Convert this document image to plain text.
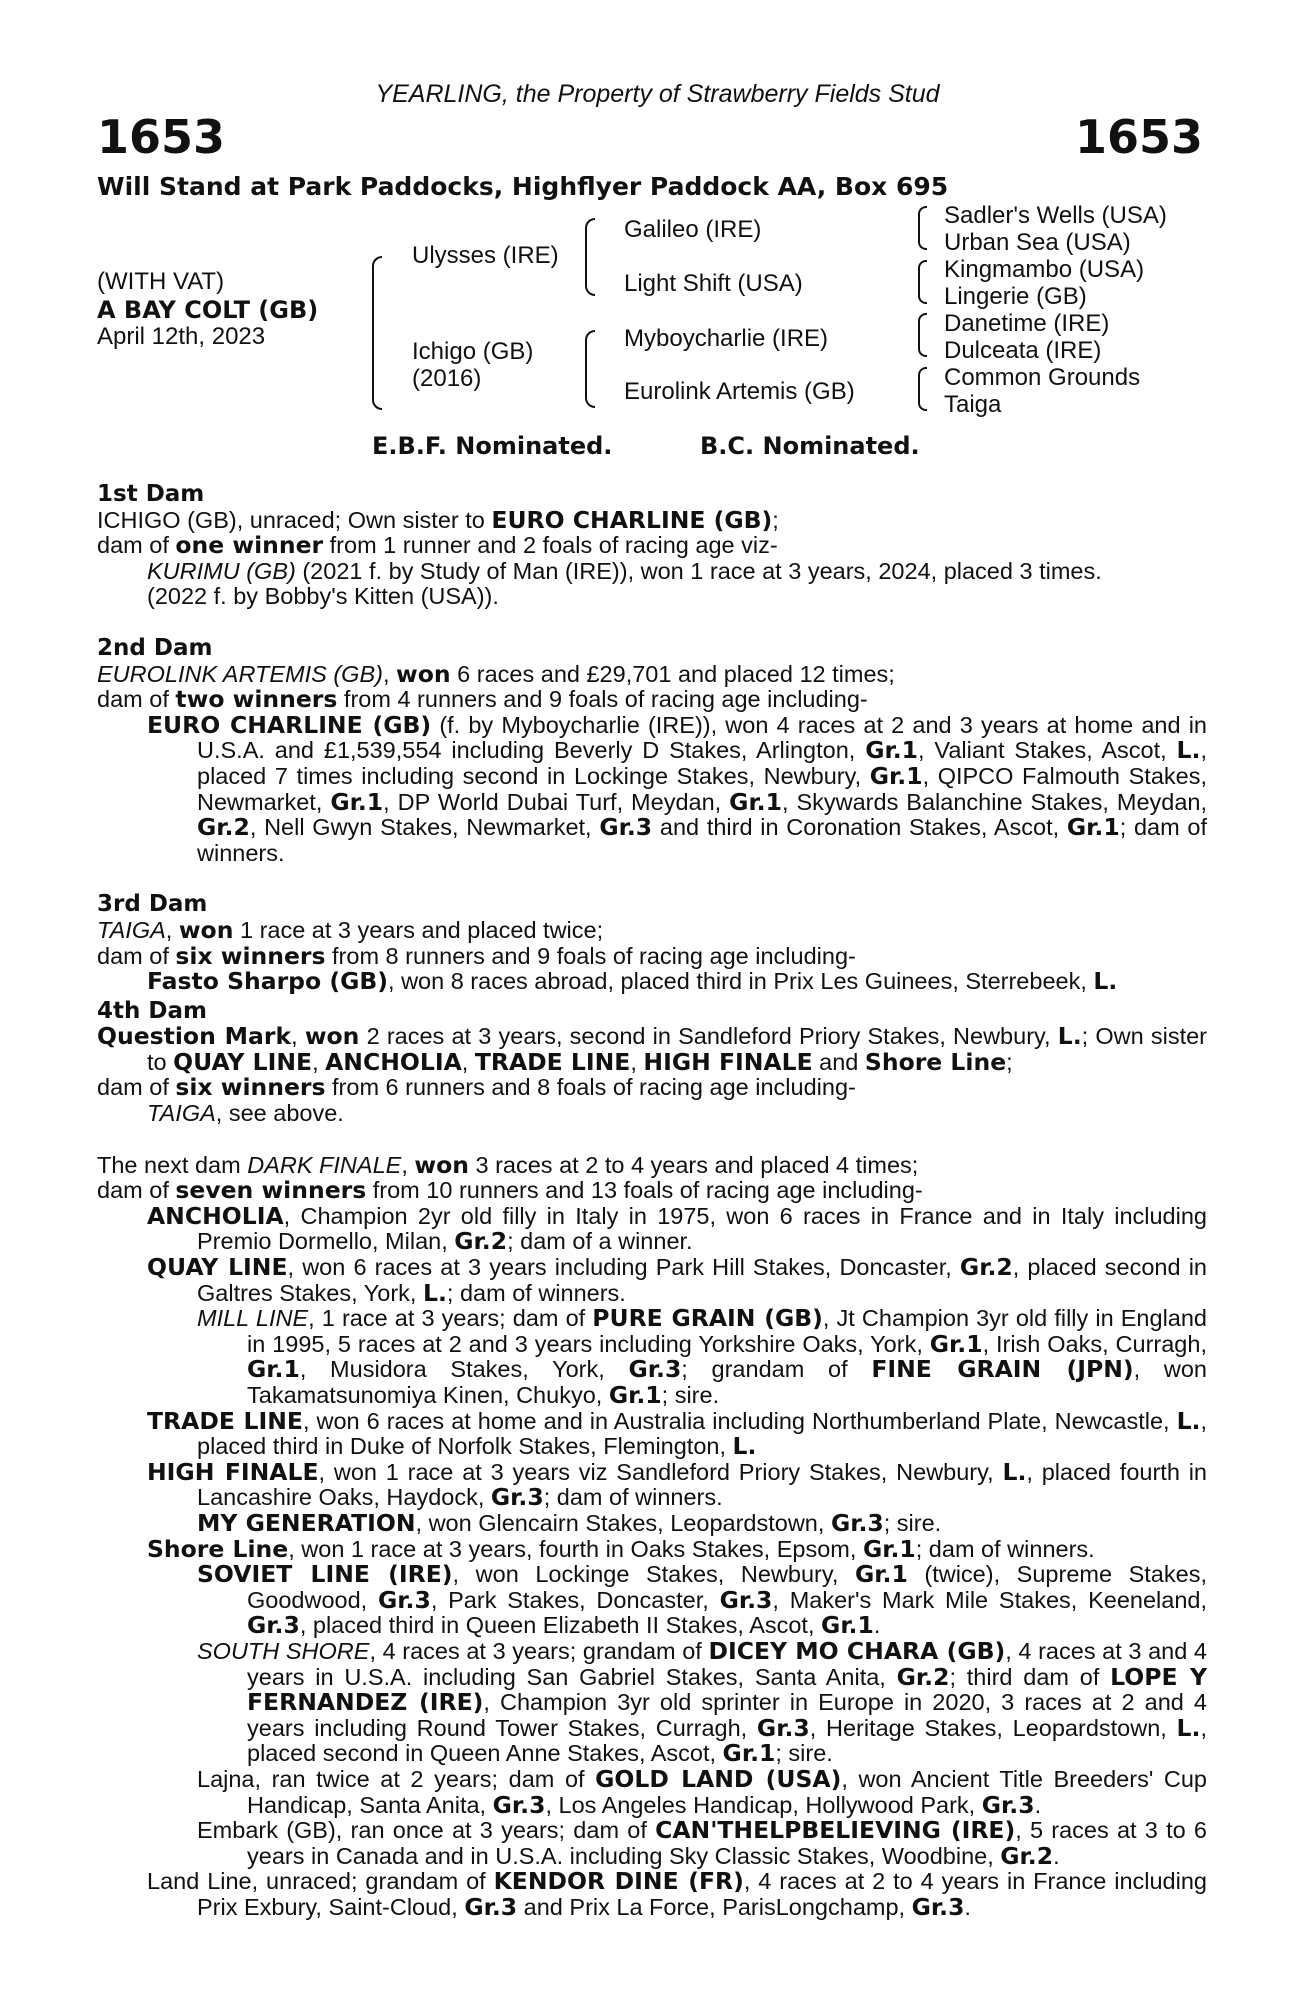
YEARLING, the Property of Strawberry Fields Stud
1653	1653
Will Stand at Park Paddocks, Highflyer Paddock AA, Box 695
(WITH VAT)
A BAY COLT (GB)
April 12th, 2023
Ulysses (IRE)
Ichigo (GB)
(2016)
Galileo (IRE)
Light Shift (USA)
Myboycharlie (IRE)
Eurolink Artemis (GB)
Sadler's Wells (USA)
Urban Sea (USA)
Kingmambo (USA)
Lingerie (GB)
Danetime (IRE)
Dulceata (IRE)
Common Grounds
Taiga
E.B.F. Nominated.	B.C. Nominated.

1st Dam

ICHIGO (GB), unraced; Own sister to EURO CHARLINE (GB);

dam of one winner from 1 runner and 2 foals of racing age viz-

KURIMU (GB) (2021 f. by Study of Man (IRE)), won 1 race at 3 years, 2024, placed 3 times.

(2022 f. by Bobby's Kitten (USA)).

2nd Dam

EUROLINK ARTEMIS (GB), won 6 races and £29,701 and placed 12 times;

dam of two winners from 4 runners and 9 foals of racing age including-

EURO CHARLINE (GB) (f. by Myboycharlie (IRE)), won 4 races at 2 and 3 years at home and in U.S.A. and £1,539,554 including Beverly D Stakes, Arlington, Gr.1, Valiant Stakes, Ascot, L., placed 7 times including second in Lockinge Stakes, Newbury, Gr.1, QIPCO Falmouth Stakes, Newmarket, Gr.1, DP World Dubai Turf, Meydan, Gr.1, Skywards Balanchine Stakes, Meydan, Gr.2, Nell Gwyn Stakes, Newmarket, Gr.3 and third in Coronation Stakes, Ascot, Gr.1; dam of winners.

3rd Dam

TAIGA, won 1 race at 3 years and placed twice;

dam of six winners from 8 runners and 9 foals of racing age including-

Fasto Sharpo (GB), won 8 races abroad, placed third in Prix Les Guinees, Sterrebeek, L.

4th Dam

Question Mark, won 2 races at 3 years, second in Sandleford Priory Stakes, Newbury, L.; Own sister to QUAY LINE, ANCHOLIA, TRADE LINE, HIGH FINALE and Shore Line;

dam of six winners from 6 runners and 8 foals of racing age including-

TAIGA, see above.

The next dam DARK FINALE, won 3 races at 2 to 4 years and placed 4 times;

dam of seven winners from 10 runners and 13 foals of racing age including-

ANCHOLIA, Champion 2yr old filly in Italy in 1975, won 6 races in France and in Italy including Premio Dormello, Milan, Gr.2; dam of a winner.

QUAY LINE, won 6 races at 3 years including Park Hill Stakes, Doncaster, Gr.2, placed second in Galtres Stakes, York, L.; dam of winners.

MILL LINE, 1 race at 3 years; dam of PURE GRAIN (GB), Jt Champion 3yr old filly in England in 1995, 5 races at 2 and 3 years including Yorkshire Oaks, York, Gr.1, Irish Oaks, Curragh, Gr.1, Musidora Stakes, York, Gr.3; grandam of FINE GRAIN (JPN), won Takamatsunomiya Kinen, Chukyo, Gr.1; sire.

TRADE LINE, won 6 races at home and in Australia including Northumberland Plate, Newcastle, L., placed third in Duke of Norfolk Stakes, Flemington, L.

HIGH FINALE, won 1 race at 3 years viz Sandleford Priory Stakes, Newbury, L., placed fourth in Lancashire Oaks, Haydock, Gr.3; dam of winners.

MY GENERATION, won Glencairn Stakes, Leopardstown, Gr.3; sire.

Shore Line, won 1 race at 3 years, fourth in Oaks Stakes, Epsom, Gr.1; dam of winners.

SOVIET LINE (IRE), won Lockinge Stakes, Newbury, Gr.1 (twice), Supreme Stakes, Goodwood, Gr.3, Park Stakes, Doncaster, Gr.3, Maker's Mark Mile Stakes, Keeneland, Gr.3, placed third in Queen Elizabeth II Stakes, Ascot, Gr.1.

SOUTH SHORE, 4 races at 3 years; grandam of DICEY MO CHARA (GB), 4 races at 3 and 4 years in U.S.A. including San Gabriel Stakes, Santa Anita, Gr.2; third dam of LOPE Y FERNANDEZ (IRE), Champion 3yr old sprinter in Europe in 2020, 3 races at 2 and 4 years including Round Tower Stakes, Curragh, Gr.3, Heritage Stakes, Leopardstown, L., placed second in Queen Anne Stakes, Ascot, Gr.1; sire.

Lajna, ran twice at 2 years; dam of GOLD LAND (USA), won Ancient Title Breeders' Cup Handicap, Santa Anita, Gr.3, Los Angeles Handicap, Hollywood Park, Gr.3.

Embark (GB), ran once at 3 years; dam of CAN'THELPBELIEVING (IRE), 5 races at 3 to 6 years in Canada and in U.S.A. including Sky Classic Stakes, Woodbine, Gr.2.

Land Line, unraced; grandam of KENDOR DINE (FR), 4 races at 2 to 4 years in France including Prix Exbury, Saint-Cloud, Gr.3 and Prix La Force, ParisLongchamp, Gr.3.
